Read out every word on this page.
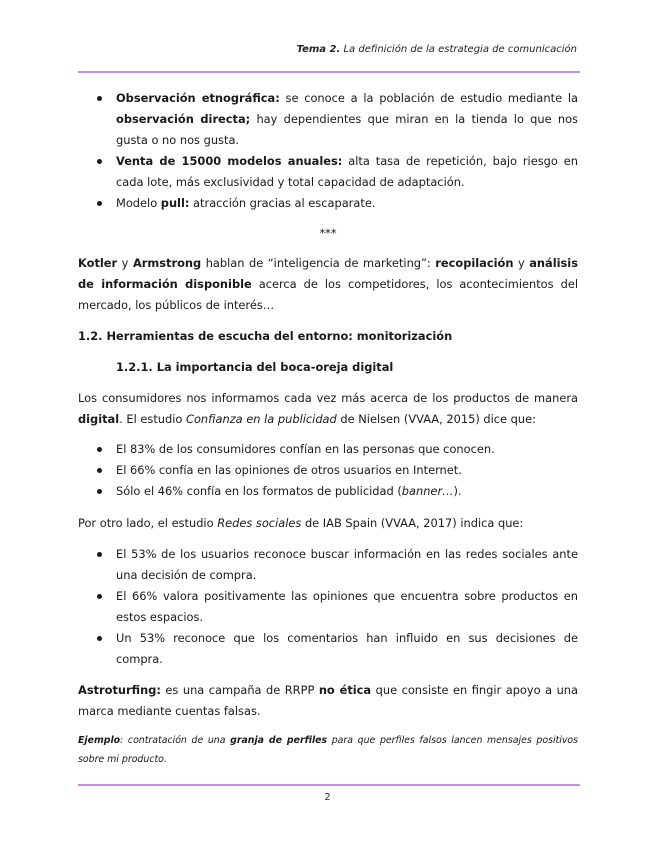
Tema 2. La definición de la estrategia de comunicación
Observación etnográfica: se conoce a la población de estudio mediante la observación directa; hay dependientes que miran en la tienda lo que nos gusta o no nos gusta.
Venta de 15000 modelos anuales: alta tasa de repetición, bajo riesgo en cada lote, más exclusividad y total capacidad de adaptación.
Modelo pull: atracción gracias al escaparate.
***

Kotler y Armstrong hablan de “inteligencia de marketing”: recopilación y análisis de información disponible acerca de los competidores, los acontecimientos del mercado, los públicos de interés…

1.2. Herramientas de escucha del entorno: monitorización
1.2.1. La importancia del boca-oreja digital

Los consumidores nos informamos cada vez más acerca de los productos de manera digital. El estudio Confianza en la publicidad de Nielsen (VVAA, 2015) dice que:

El 83% de los consumidores confían en las personas que conocen.
El 66% confía en las opiniones de otros usuarios en Internet.
Sólo el 46% confía en los formatos de publicidad (banner…).

Por otro lado, el estudio Redes sociales de IAB Spain (VVAA, 2017) indica que:

El 53% de los usuarios reconoce buscar información en las redes sociales ante una decisión de compra.
El 66% valora positivamente las opiniones que encuentra sobre productos en estos espacios.
Un 53% reconoce que los comentarios han influido en sus decisiones de compra.

Astroturfing: es una campaña de RRPP no ética que consiste en fingir apoyo a una marca mediante cuentas falsas.

Ejemplo: contratación de una granja de perfiles para que perfiles falsos lancen mensajes positivos sobre mi producto.

2
